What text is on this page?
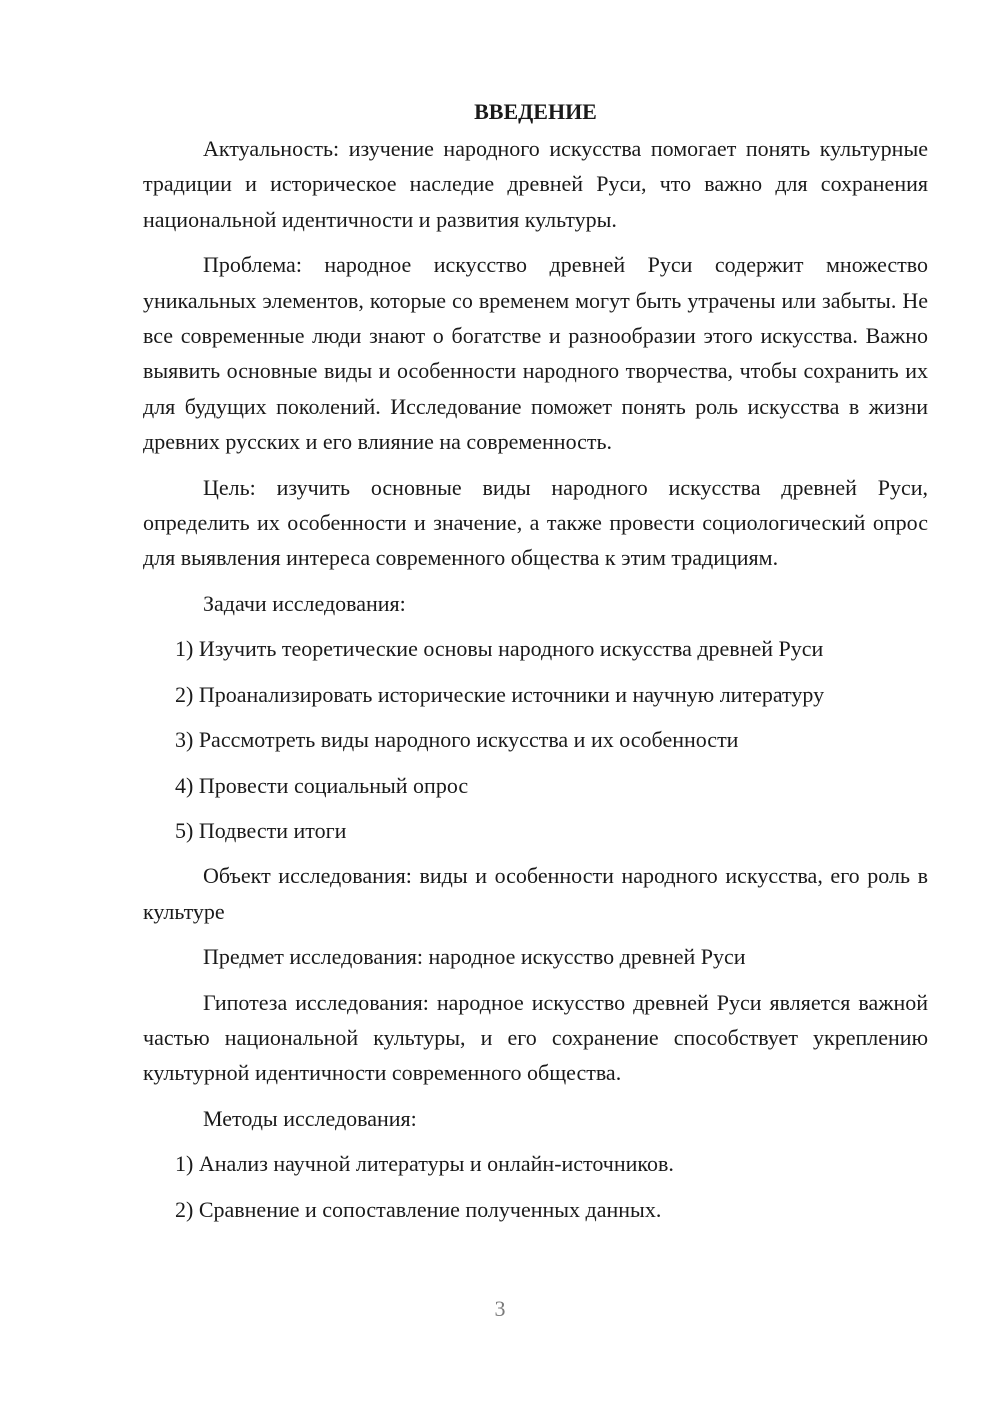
ВВЕДЕНИЕ

Актуальность: изучение народного искусства помогает понять культурные традиции и историческое наследие древней Руси, что важно для сохранения национальной идентичности и развития культуры.

Проблема: народное искусство древней Руси содержит множество уникальных элементов, которые со временем могут быть утрачены или забыты. Не все современные люди знают о богатстве и разнообразии этого искусства. Важно выявить основные виды и особенности народного творчества, чтобы сохранить их для будущих поколений. Исследование поможет понять роль искусства в жизни древних русских и его влияние на современность.

Цель: изучить основные виды народного искусства древней Руси, определить их особенности и значение, а также провести социологический опрос для выявления интереса современного общества к этим традициям.

Задачи исследования:

1) Изучить теоретические основы народного искусства древней Руси
2) Проанализировать исторические источники и научную литературу
3) Рассмотреть виды народного искусства и их особенности
4) Провести социальный опрос
5) Подвести итоги

Объект исследования: виды и особенности народного искусства, его роль в культуре

Предмет исследования: народное искусство древней Руси

Гипотеза исследования: народное искусство древней Руси является важной частью национальной культуры, и его сохранение способствует укреплению культурной идентичности современного общества.

Методы исследования:

1) Анализ научной литературы и онлайн-источников.
2) Сравнение и сопоставление полученных данных.
3
